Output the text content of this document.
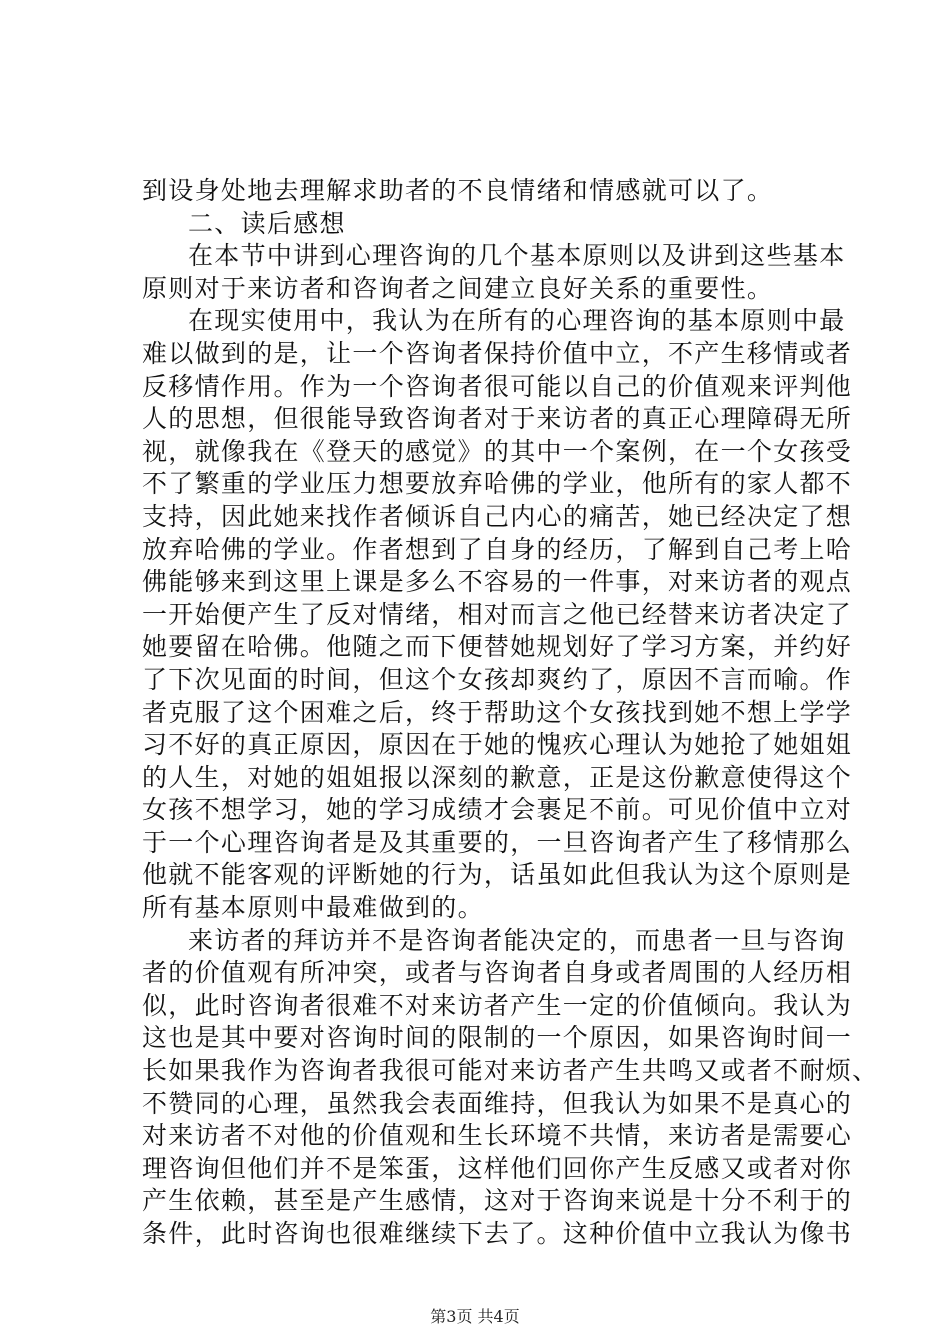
到设身处地去理解求助者的不良情绪和情感就可以了。
二、读后感想
在本节中讲到心理咨询的几个基本原则以及讲到这些基本
原则对于来访者和咨询者之间建立良好关系的重要性。
在现实使用中，我认为在所有的心理咨询的基本原则中最
难以做到的是，让一个咨询者保持价值中立，不产生移情或者
反移情作用。作为一个咨询者很可能以自己的价值观来评判他
人的思想，但很能导致咨询者对于来访者的真正心理障碍无所
视，就像我在《登天的感觉》的其中一个案例，在一个女孩受
不了繁重的学业压力想要放弃哈佛的学业，他所有的家人都不
支持，因此她来找作者倾诉自己内心的痛苦，她已经决定了想
放弃哈佛的学业。作者想到了自身的经历，了解到自己考上哈
佛能够来到这里上课是多么不容易的一件事，对来访者的观点
一开始便产生了反对情绪，相对而言之他已经替来访者决定了
她要留在哈佛。他随之而下便替她规划好了学习方案，并约好
了下次见面的时间，但这个女孩却爽约了，原因不言而喻。作
者克服了这个困难之后，终于帮助这个女孩找到她不想上学学
习不好的真正原因，原因在于她的愧疚心理认为她抢了她姐姐
的人生，对她的姐姐报以深刻的歉意，正是这份歉意使得这个
女孩不想学习，她的学习成绩才会裹足不前。可见价值中立对
于一个心理咨询者是及其重要的，一旦咨询者产生了移情那么
他就不能客观的评断她的行为，话虽如此但我认为这个原则是
所有基本原则中最难做到的。
来访者的拜访并不是咨询者能决定的，而患者一旦与咨询
者的价值观有所冲突，或者与咨询者自身或者周围的人经历相
似，此时咨询者很难不对来访者产生一定的价值倾向。我认为
这也是其中要对咨询时间的限制的一个原因，如果咨询时间一
长如果我作为咨询者我很可能对来访者产生共鸣又或者不耐烦、
不赞同的心理，虽然我会表面维持，但我认为如果不是真心的
对来访者不对他的价值观和生长环境不共情，来访者是需要心
理咨询但他们并不是笨蛋，这样他们回你产生反感又或者对你
产生依赖，甚至是产生感情，这对于咨询来说是十分不利于的
条件，此时咨询也很难继续下去了。这种价值中立我认为像书
第3页 共4页
